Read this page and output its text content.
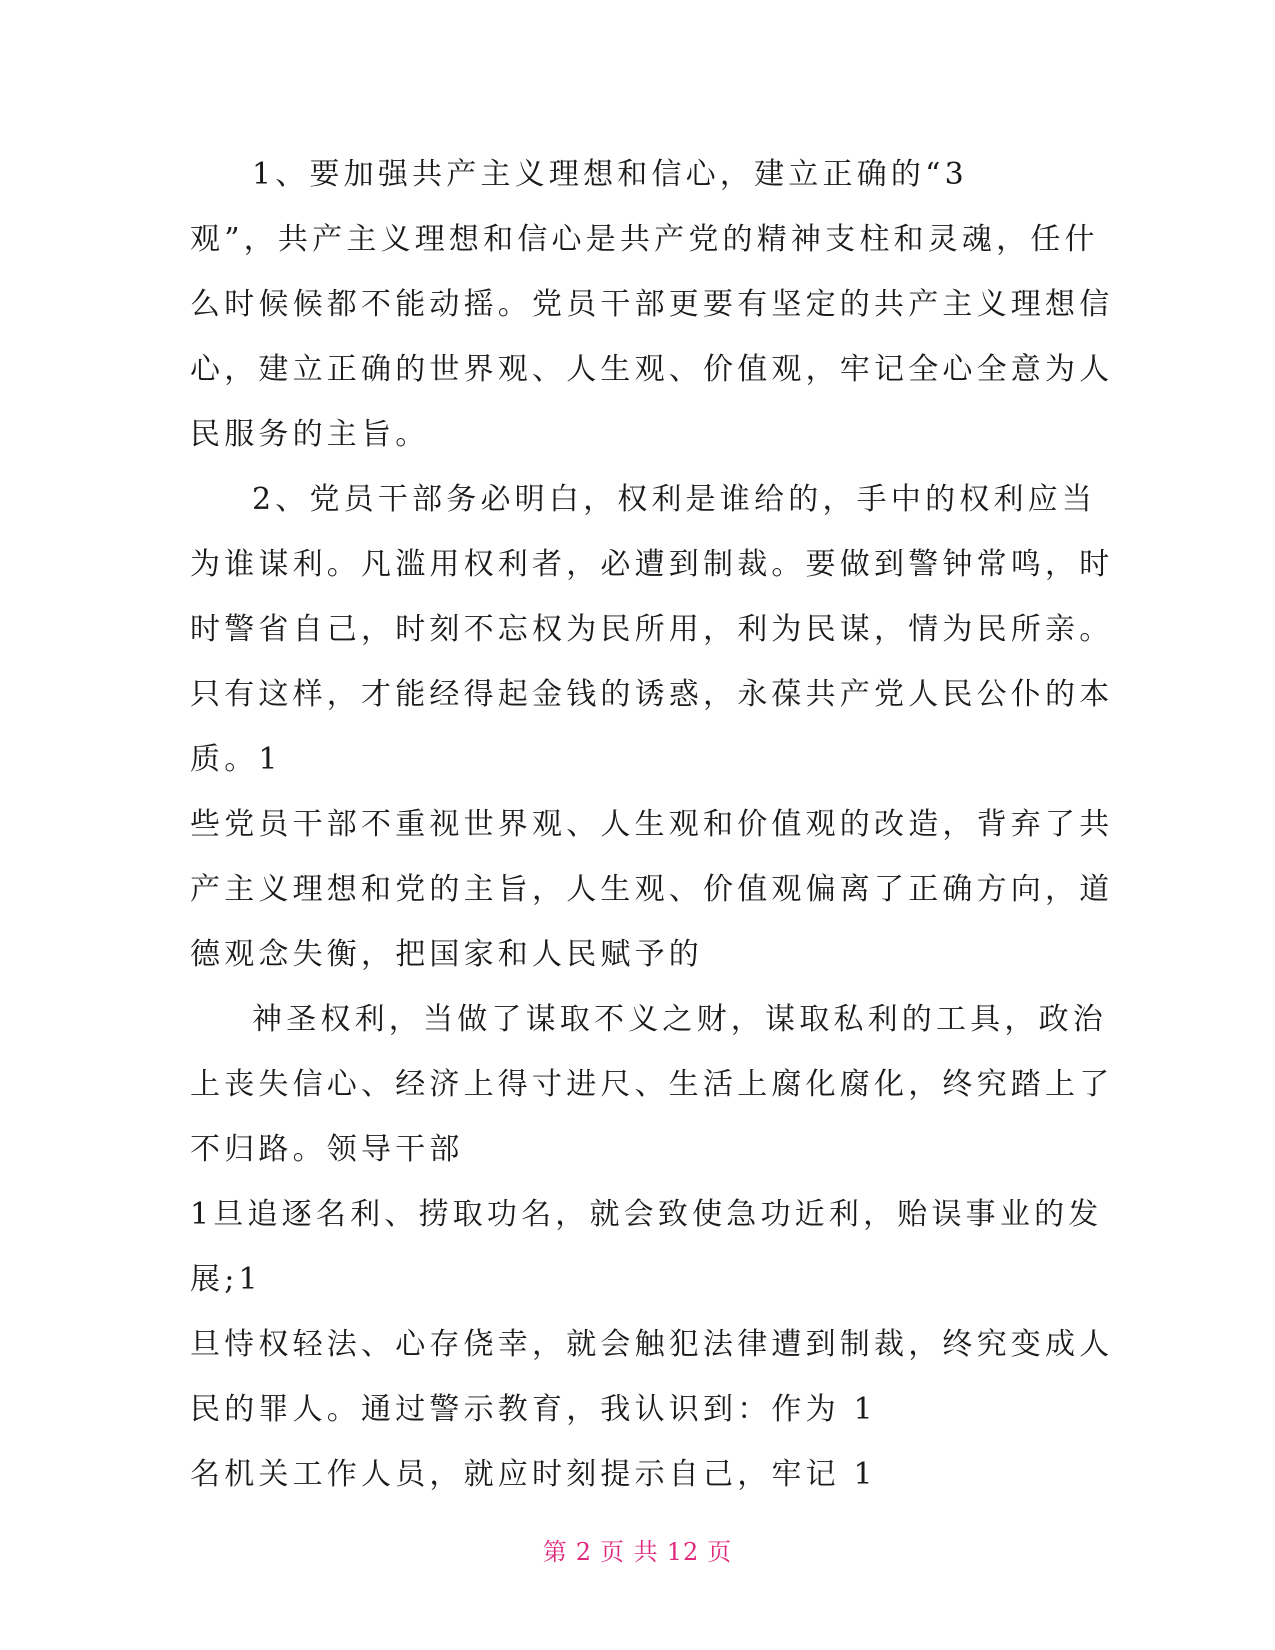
1、要加强共产主义理想和信心，建立正确的“3
观”，共产主义理想和信心是共产党的精神支柱和灵魂，任什
么时候候都不能动摇。党员干部更要有坚定的共产主义理想信
心，建立正确的世界观、人生观、价值观，牢记全心全意为人
民服务的主旨。
2、党员干部务必明白，权利是谁给的，手中的权利应当
为谁谋利。凡滥用权利者，必遭到制裁。要做到警钟常鸣，时
时警省自己，时刻不忘权为民所用，利为民谋，情为民所亲。
只有这样，才能经得起金钱的诱惑，永葆共产党人民公仆的本
质。1
些党员干部不重视世界观、人生观和价值观的改造，背弃了共
产主义理想和党的主旨，人生观、价值观偏离了正确方向，道
德观念失衡，把国家和人民赋予的
神圣权利，当做了谋取不义之财，谋取私利的工具，政治
上丧失信心、经济上得寸进尺、生活上腐化腐化，终究踏上了
不归路。领导干部
1旦追逐名利、捞取功名，就会致使急功近利，贻误事业的发
展;1
旦恃权轻法、心存侥幸，就会触犯法律遭到制裁，终究变成人
民的罪人。通过警示教育，我认识到：作为 1
名机关工作人员，就应时刻提示自己，牢记 1
第 2 页 共 12 页
